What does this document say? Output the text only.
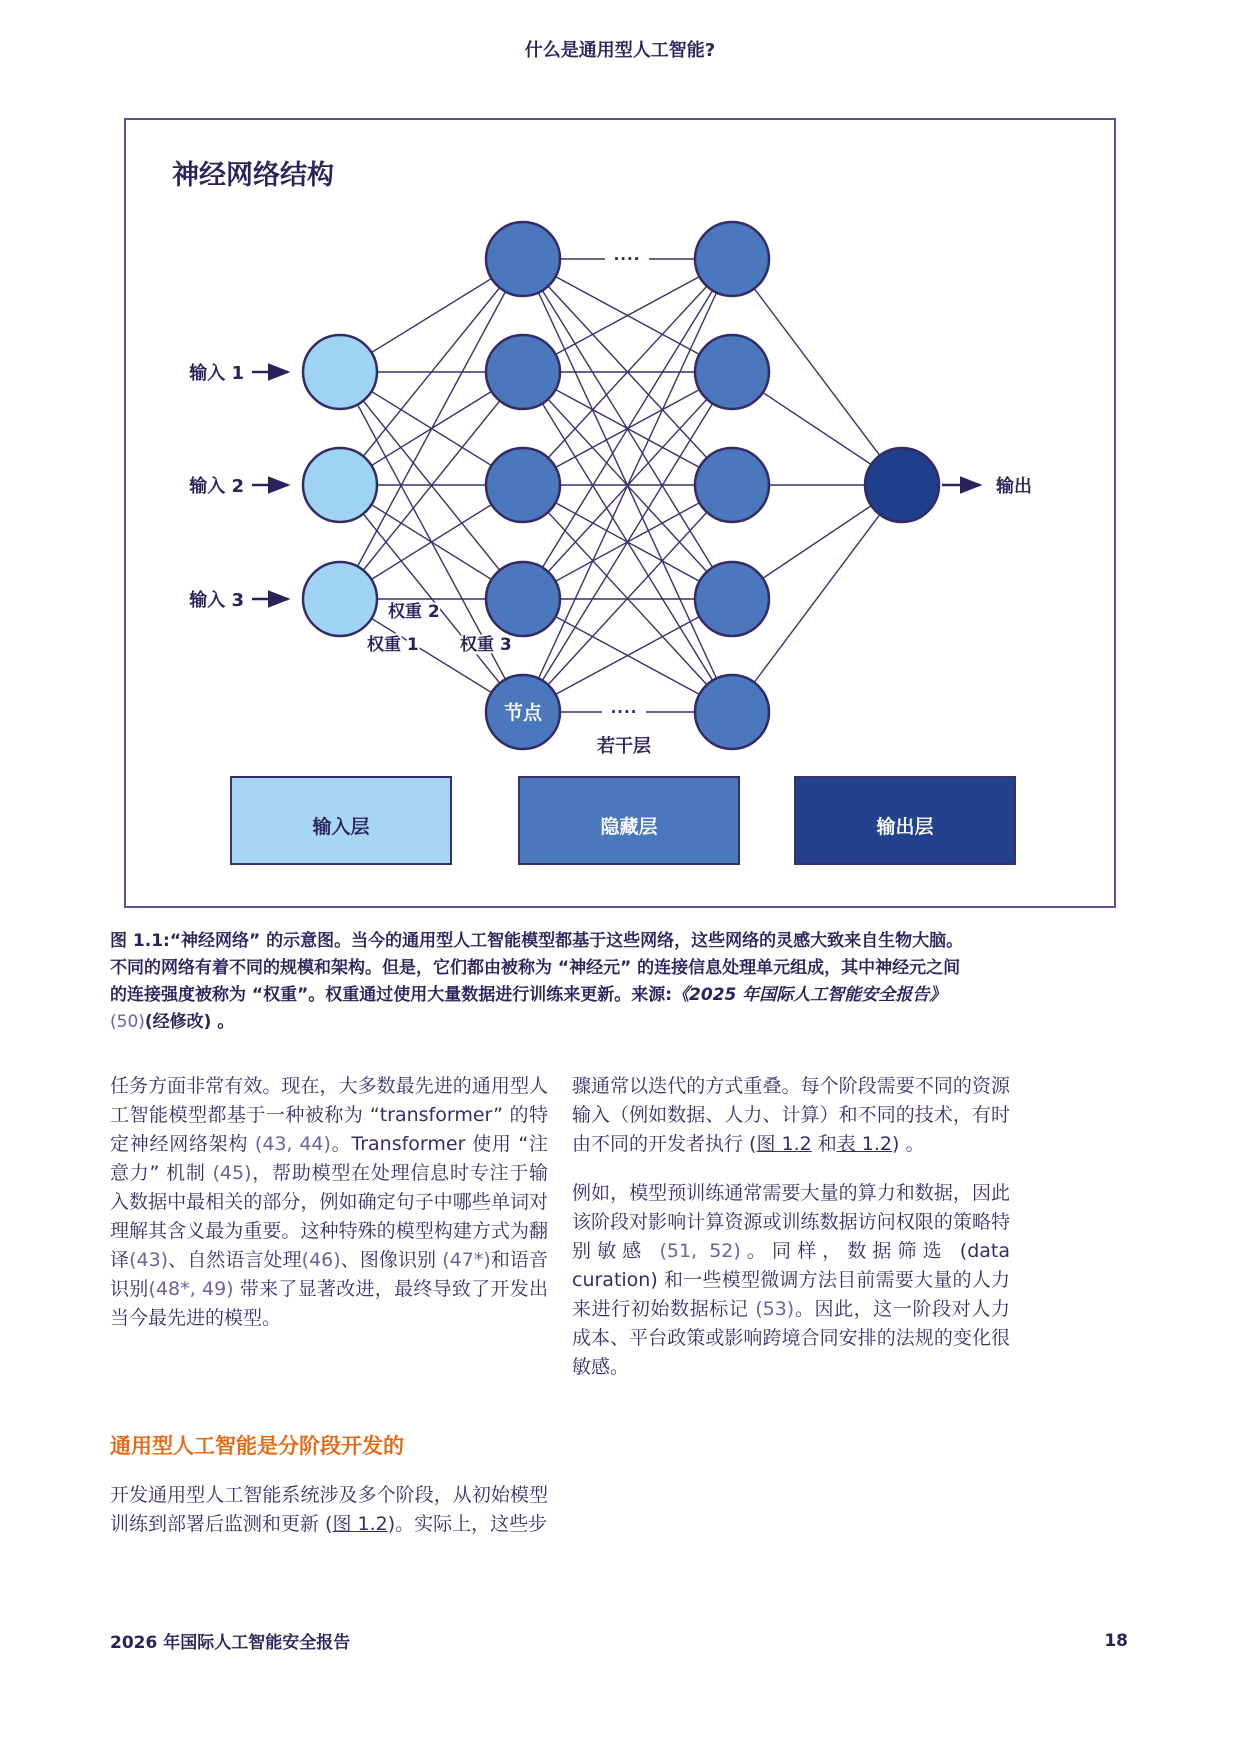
什么是通用型人工智能?
神经网络结构
····
····
输入 1
输入 2
输入 3
输出
节点
权重 2
权重 1 权重 3
若干层
输入层	隐藏层	输出层
图 1.1:“神经网络” 的示意图。当今的通用型人工智能模型都基于这些网络，这些网络的灵感大致来自生物大脑。
不同的网络有着不同的规模和架构。但是，它们都由被称为 “神经元” 的连接信息处理单元组成，其中神经元之间
的连接强度被称为 “权重”。权重通过使用大量数据进行训练来更新。来源:《2025 年国际人工智能安全报告》
(50)(经修改) 。

任务方面非常有效。现在，大多数最先进的通用型人工智能模型都基于一种被称为 “transformer” 的特定神经网络架构 (43, 44)。Transformer 使用 “注意力” 机制 (45)，帮助模型在处理信息时专注于输入数据中最相关的部分，例如确定句子中哪些单词对理解其含义最为重要。这种特殊的模型构建方式为翻译(43)、自然语言处理(46)、图像识别 (47*)和语音识别(48*, 49) 带来了显著改进，最终导致了开发出当今最先进的模型。

通用型人工智能是分阶段开发的

开发通用型人工智能系统涉及多个阶段，从初始模型训练到部署后监测和更新 (图 1.2)。实际上，这些步

骤通常以迭代的方式重叠。每个阶段需要不同的资源输入（例如数据、人力、计算）和不同的技术，有时由不同的开发者执行 (图 1.2 和表 1.2) 。

例如，模型预训练通常需要大量的算力和数据，因此该阶段对影响计算资源或训练数据访问权限的策略特别敏感 (51, 52)。同样，数据筛选 (data curation) 和一些模型微调方法目前需要大量的人力来进行初始数据标记 (53)。因此，这一阶段对人力成本、平台政策或影响跨境合同安排的法规的变化很敏感。

2026 年国际人工智能安全报告	18
